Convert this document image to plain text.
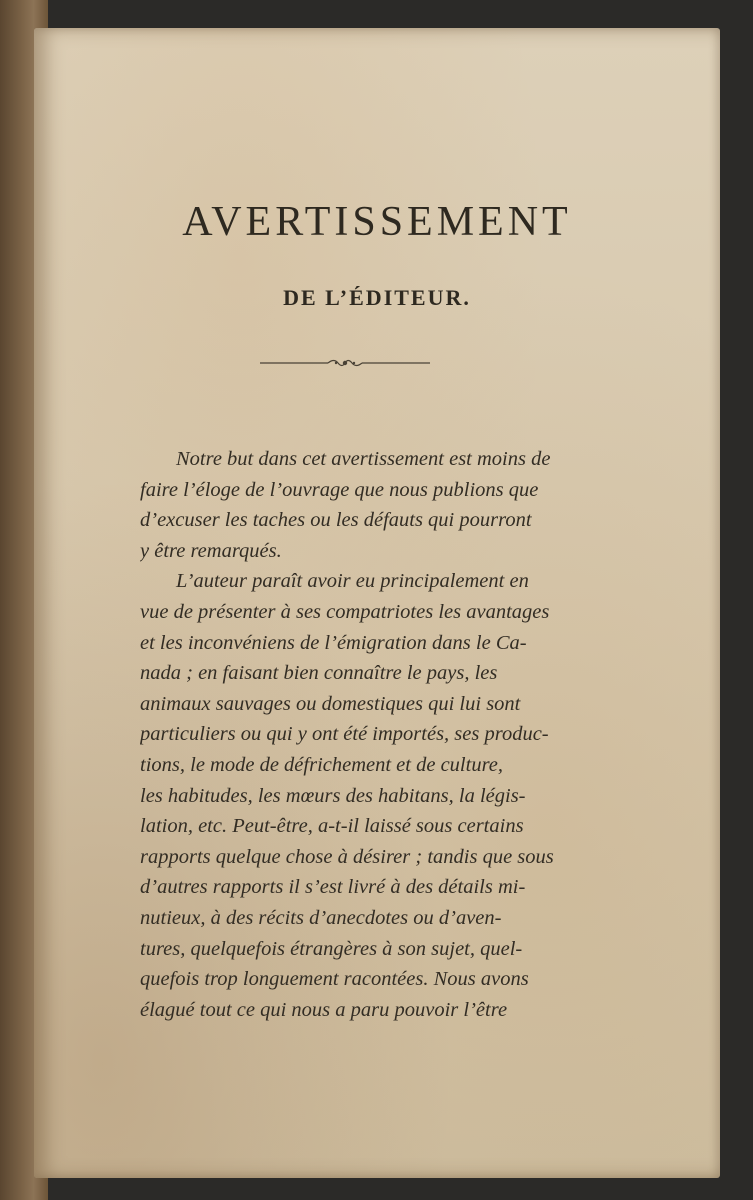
AVERTISSEMENT
DE L’ÉDITEUR.
Notre but dans cet avertissement est moins de
faire l’éloge de l’ouvrage que nous publions que
d’excuser les taches ou les défauts qui pourront
y être remarqués.
L’auteur paraît avoir eu principalement en
vue de présenter à ses compatriotes les avantages
et les inconvéniens de l’émigration dans le Ca-
nada ; en faisant bien connaître le pays, les
animaux sauvages ou domestiques qui lui sont
particuliers ou qui y ont été importés, ses produc-
tions, le mode de défrichement et de culture,
les habitudes, les mœurs des habitans, la légis-
lation, etc. Peut-être, a-t-il laissé sous certains
rapports quelque chose à désirer ; tandis que sous
d’autres rapports il s’est livré à des détails mi-
nutieux, à des récits d’anecdotes ou d’aven-
tures, quelquefois étrangères à son sujet, quel-
quefois trop longuement racontées. Nous avons
élagué tout ce qui nous a paru pouvoir l’être
